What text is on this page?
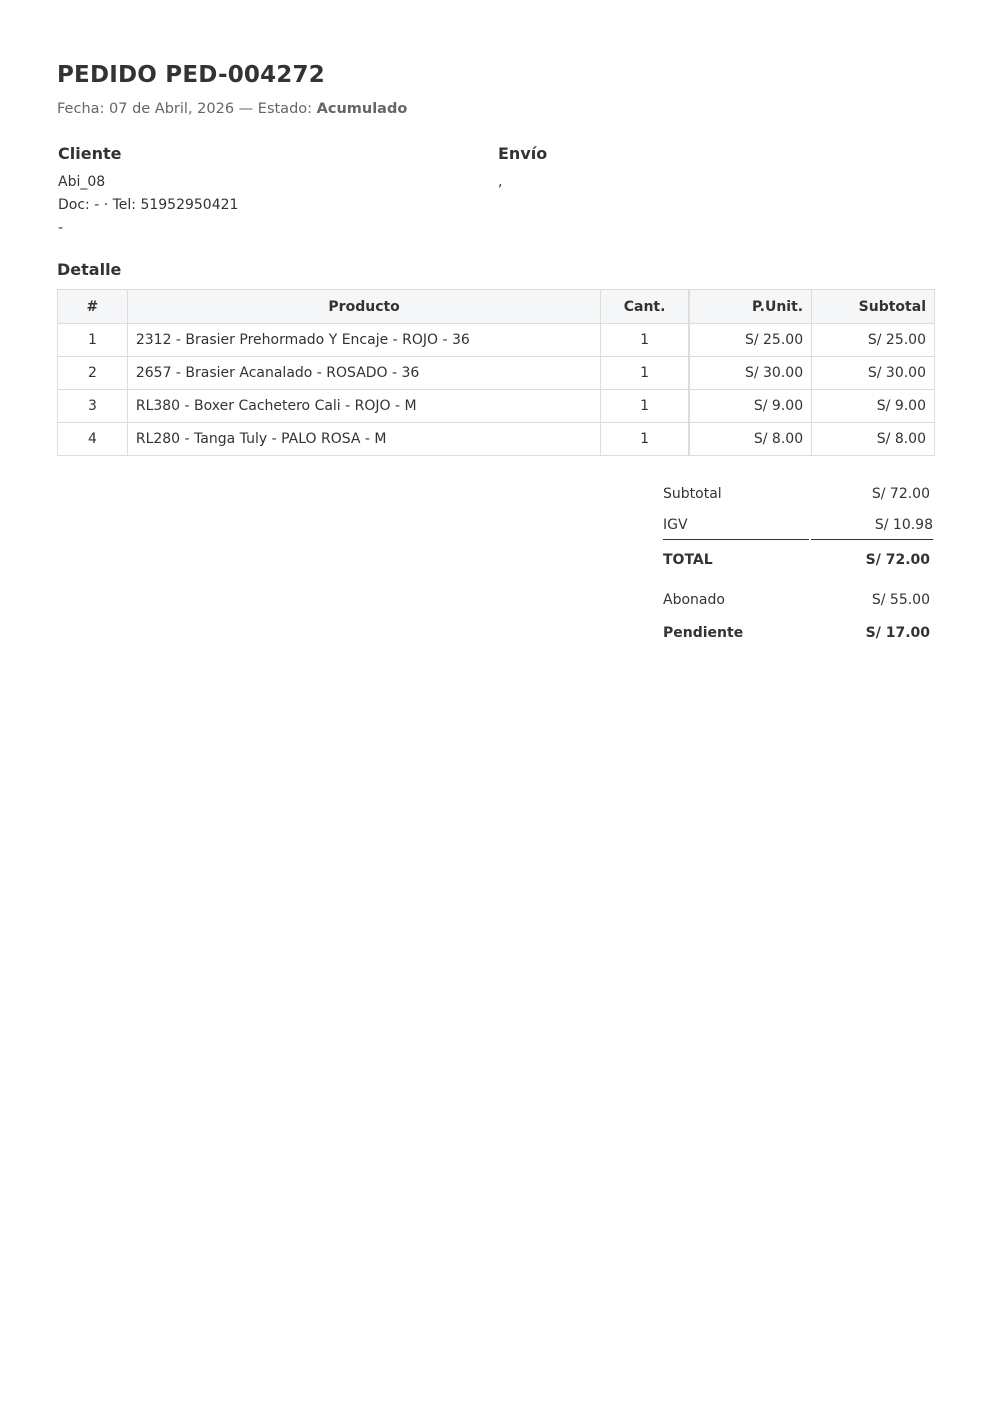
PEDIDO PED-004272
Fecha: 07 de Abril, 2026 — Estado: Acumulado
Cliente
Abi_08
Doc: - · Tel: 51952950421
-
Envío
,
Detalle
#	Producto	Cant.	P.Unit.	Subtotal
1	2312 - Brasier Prehormado Y Encaje - ROJO - 36	1	S/ 25.00	S/ 25.00
2	2657 - Brasier Acanalado - ROSADO - 36	1	S/ 30.00	S/ 30.00
3	RL380 - Boxer Cachetero Cali - ROJO - M	1	S/ 9.00	S/ 9.00
4	RL280 - Tanga Tuly - PALO ROSA - M	1	S/ 8.00	S/ 8.00
Subtotal	S/ 72.00
IGV	S/ 10.98
TOTAL	S/ 72.00
Abonado	S/ 55.00
Pendiente	S/ 17.00
